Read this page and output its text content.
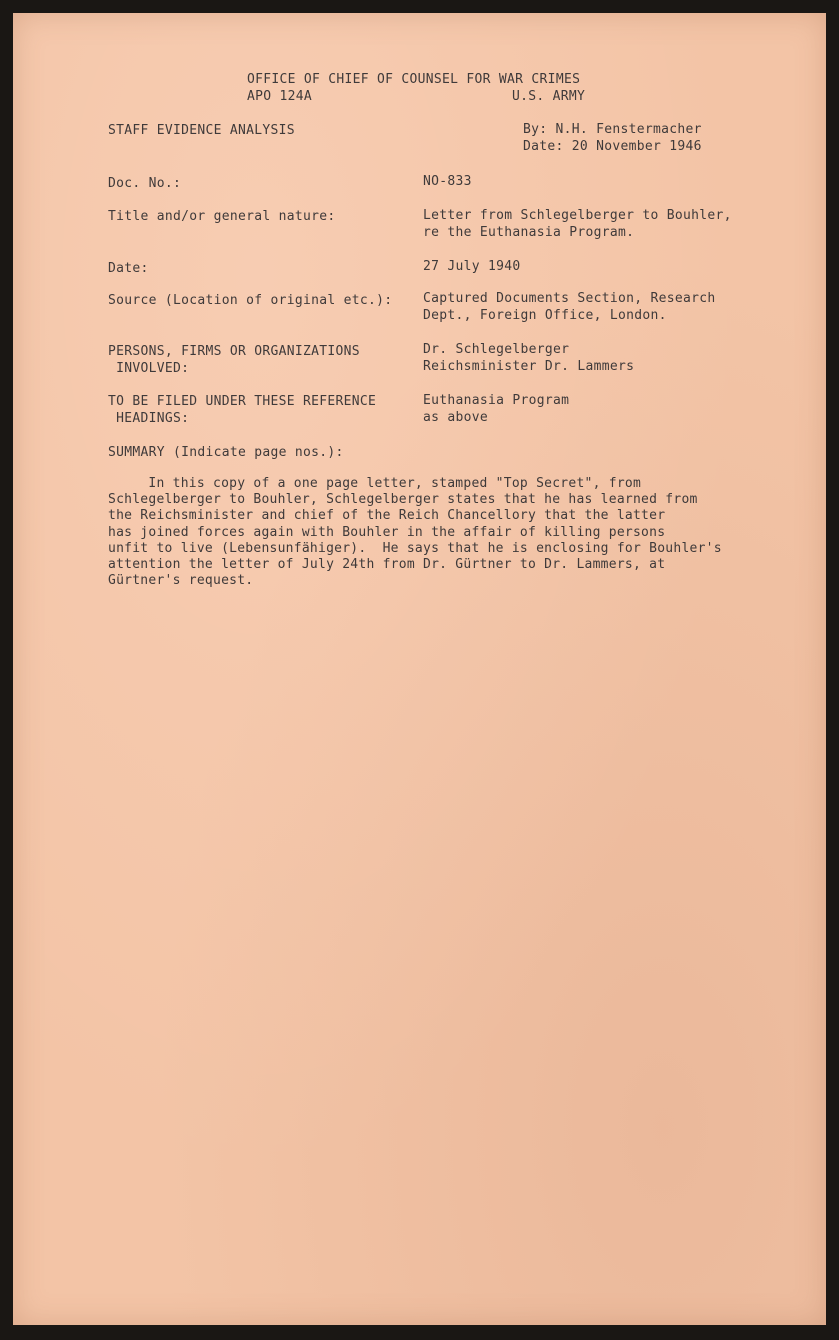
OFFICE OF CHIEF OF COUNSEL FOR WAR CRIMES

APO 124A	U.S. ARMY

STAFF EVIDENCE ANALYSIS	By: N.H. Fenstermacher

Date: 20 November 1946

Doc. No.:	NO-833

Title and/or general nature:	Letter from Schlegelberger to Bouhler,

re the Euthanasia Program.

Date:	27 July 1940

Source (Location of original etc.): Captured Documents Section, Research

Dept., Foreign Office, London.

PERSONS, FIRMS OR ORGANIZATIONS

INVOLVED:

Dr. Schlegelberger

Reichsminister Dr. Lammers

TO BE FILED UNDER THESE REFERENCE

HEADINGS:

Euthanasia Program

as above

SUMMARY (Indicate page nos.):

In this copy of a one page letter, stamped "Top Secret", from
Schlegelberger to Bouhler, Schlegelberger states that he has learned from
the Reichsminister and chief of the Reich Chancellory that the latter
has joined forces again with Bouhler in the affair of killing persons
unfit to live (Lebensunfähiger).  He says that he is enclosing for Bouhler's
attention the letter of July 24th from Dr. Gürtner to Dr. Lammers, at
Gürtner's request.
